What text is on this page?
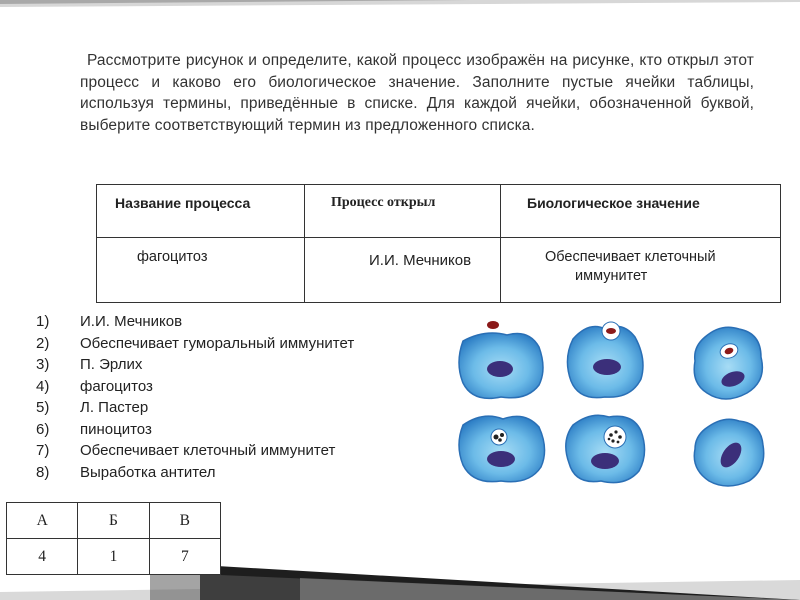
Рассмотрите рисунок и определите, какой процесс изображён на рисунке, кто открыл этот процесс и каково его биологическое значение. Заполните пустые ячейки таблицы, используя термины, приведённые в списке. Для каждой ячейки, обозначенной буквой, выберите соответствующий термин из предложенного списка.
Название процесса	Процесс открыл	Биологическое значение

фагоцитоз	И.И. Мечников	Обеспечивает клеточный
иммунитет
1) И.И. Мечников
2) Обеспечивает гуморальный иммунитет
3) П. Эрлих
4) фагоцитоз
5) Л. Пастер
6) пиноцитоз
7) Обеспечивает клеточный иммунитет
8) Выработка антител
А	Б	В
4	1	7
